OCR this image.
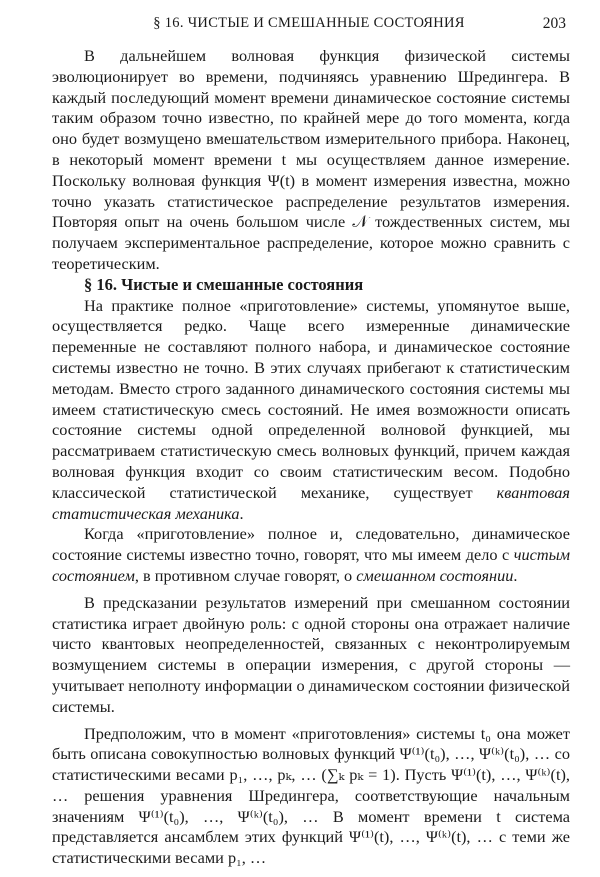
§ 16. ЧИСТЫЕ И СМЕШАННЫЕ СОСТОЯНИЯ	203

В дальнейшем волновая функция физической системы эволюционирует во времени, подчиняясь уравнению Шредингера. В каждый последующий момент времени динамическое состояние системы таким образом точно известно, по крайней мере до того момента, когда оно будет возмущено вмешательством измерительного прибора. Наконец, в некоторый момент времени t мы осуществляем данное измерение. Поскольку волновая функция Ψ(t) в момент измерения известна, можно точно указать статистическое распределение результатов измерения. Повторяя опыт на очень большом числе 𝒩 тождественных систем, мы получаем экспериментальное распределение, которое можно сравнить с теоретическим.

§ 16. Чистые и смешанные состояния

На практике полное «приготовление» системы, упомянутое выше, осуществляется редко. Чаще всего измеренные динамические переменные не составляют полного набора, и динамическое состояние системы известно не точно. В этих случаях прибегают к статистическим методам. Вместо строго заданного динамического состояния системы мы имеем статистическую смесь состояний. Не имея возможности описать состояние системы одной определенной волновой функцией, мы рассматриваем статистическую смесь волновых функций, причем каждая волновая функция входит со своим статистическим весом. Подобно классической статистической механике, существует квантовая статистическая механика.

Когда «приготовление» полное и, следовательно, динамическое состояние системы известно точно, говорят, что мы имеем дело с чистым состоянием, в противном случае говорят, о смешанном состоянии.

В предсказании результатов измерений при смешанном состоянии статистика играет двойную роль: с одной стороны она отражает наличие чисто квантовых неопределенностей, связанных с неконтролируемым возмущением системы в операции измерения, с другой стороны — учитывает неполноту информации о динамическом состоянии физической системы.

Предположим, что в момент «приготовления» системы t₀ она может быть описана совокупностью волновых функций Ψ⁽¹⁾(t₀), …, Ψ⁽ᵏ⁾(t₀), … со статистическими весами p₁, …, pₖ, … (∑ₖ pₖ = 1). Пусть Ψ⁽¹⁾(t), …, Ψ⁽ᵏ⁾(t), … решения уравнения Шредингера, соответствующие начальным значениям Ψ⁽¹⁾(t₀), …, Ψ⁽ᵏ⁾(t₀), … В момент времени t система представляется ансамблем этих функций Ψ⁽¹⁾(t), …, Ψ⁽ᵏ⁾(t), … с теми же статистическими весами p₁, …
